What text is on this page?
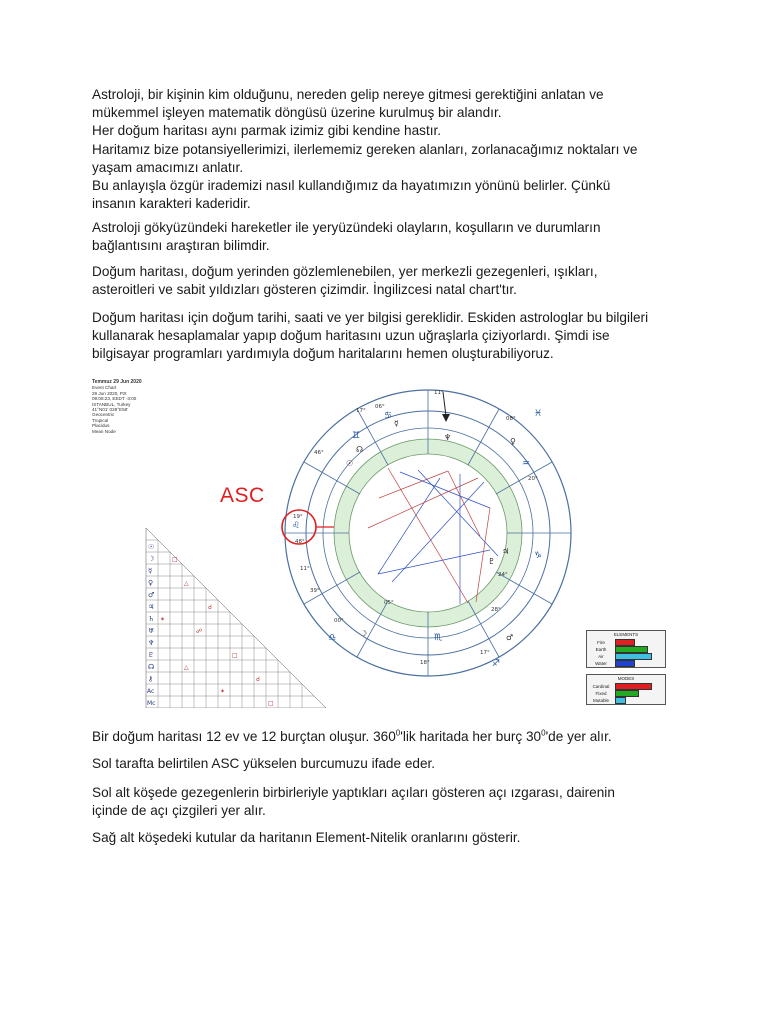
Astroloji, bir kişinin kim olduğunu, nereden gelip nereye gitmesi gerektiğini anlatan ve
mükemmel işleyen matematik döngüsü üzerine kurulmuş bir alandır.
Her doğum haritası aynı parmak izimiz gibi kendine hastır.
Haritamız bize potansiyellerimizi, ilerlememiz gereken alanları, zorlanacağımız noktaları ve
yaşam amacımızı anlatır.
Bu anlayışla özgür irademizi nasıl kullandığımız da hayatımızın yönünü belirler. Çünkü
insanın karakteri kaderidir.
Astroloji gökyüzündeki hareketler ile yeryüzündeki olayların, koşulların ve durumların
bağlantısını araştıran bilimdir.
Doğum haritası, doğum yerinden gözlemlenebilen, yer merkezli gezegenleri, ışıkları,
asteroitleri ve sabit yıldızları gösteren çizimdir. İngilizcesi natal chart'tır.
Doğum haritası için doğum tarihi, saati ve yer bilgisi gereklidir. Eskiden astrologlar bu bilgileri
kullanarak hesaplamalar yapıp doğum haritasını uzun uğraşlarla çiziyorlardı. Şimdi ise
bilgisayar programları yardımıyla doğum haritalarını hemen oluşturabiliyoruz.
11°
17°
06°
08°
46°
20°
19°
48°
11°
39°
00°
24°
17°
28°
05°
18°
♊
♋	♓
♒
♌
♏
♐
♎
♑
☊
☉
☿
♀
♆
♃
♇
♂
☽
☉
☽
☿
♀
♂
♃
♄
♅
♆
♇
☊
⚷
Ac
Mc
□
△
☌
✶
☍
□
△
☌
✶
□
Temmuz 29 Jun 2020
Event Chart
29 Jun 2020, Pzt
09:08:23, EEDT -3:00
ISTANBUL, Turkey
41°N01' 028°E58'
Geocentric
Tropical
Placidus
Mean Node
ASC
ELEMENTS
Fire
Earth
Air
Water
MODES
Cardinal
Fixed
Mutable

Bir doğum haritası 12 ev ve 12 burçtan oluşur. $360^0'lik$ haritada her burç $30^0'de$ yer alır.

Sol tarafta belirtilen ASC yükselen burcumuzu ifade eder.

Sol alt köşede gezegenlerin birbirleriyle yaptıkları açıları gösteren açı ızgarası, dairenin
içinde de açı çizgileri yer alır.

Sağ alt köşedeki kutular da haritanın Element-Nitelik oranlarını gösterir.
